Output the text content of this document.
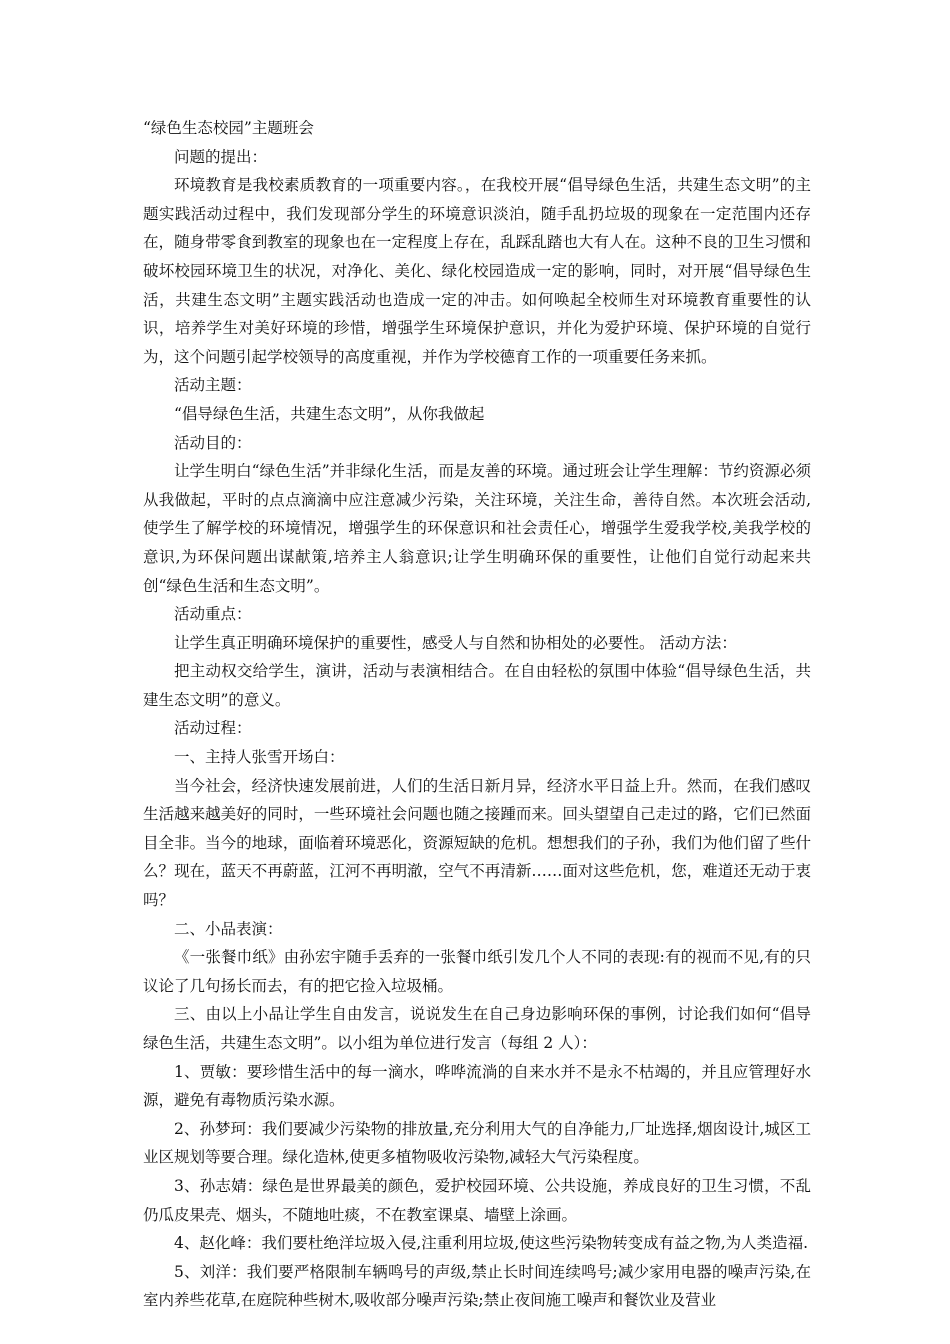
“绿色生态校园”主题班会

问题的提出：

环境教育是我校素质教育的一项重要内容。，在我校开展“倡导绿色生活，共建生态文明”的主题实践活动过程中，我们发现部分学生的环境意识淡泊，随手乱扔垃圾的现象在一定范围内还存在，随身带零食到教室的现象也在一定程度上存在，乱踩乱踏也大有人在。这种不良的卫生习惯和破坏校园环境卫生的状况，对净化、美化、绿化校园造成一定的影响，同时，对开展“倡导绿色生活，共建生态文明”主题实践活动也造成一定的冲击。如何唤起全校师生对环境教育重要性的认识，培养学生对美好环境的珍惜，增强学生环境保护意识，并化为爱护环境、保护环境的自觉行为，这个问题引起学校领导的高度重视，并作为学校德育工作的一项重要任务来抓。

活动主题：

“倡导绿色生活，共建生态文明”，从你我做起

活动目的：

让学生明白“绿色生活”并非绿化生活，而是友善的环境。通过班会让学生理解：节约资源必须从我做起，平时的点点滴滴中应注意减少污染，关注环境，关注生命，善待自然。本次班会活动,使学生了解学校的环境情况，增强学生的环保意识和社会责任心，增强学生爱我学校,美我学校的意识,为环保问题出谋献策,培养主人翁意识;让学生明确环保的重要性，让他们自觉行动起来共创“绿色生活和生态文明”。

活动重点：

让学生真正明确环境保护的重要性，感受人与自然和协相处的必要性。 活动方法：

把主动权交给学生，演讲，活动与表演相结合。在自由轻松的氛围中体验“倡导绿色生活，共建生态文明”的意义。

活动过程：

一、主持人张雪开场白：

当今社会，经济快速发展前进，人们的生活日新月异，经济水平日益上升。然而，在我们感叹生活越来越美好的同时，一些环境社会问题也随之接踵而来。回头望望自己走过的路，它们已然面目全非。当今的地球，面临着环境恶化，资源短缺的危机。想想我们的子孙，我们为他们留了些什么？现在，蓝天不再蔚蓝，江河不再明澈，空气不再清新……面对这些危机，您，难道还无动于衷吗？

二、小品表演：

《一张餐巾纸》由孙宏宇随手丢弃的一张餐巾纸引发几个人不同的表现:有的视而不见,有的只议论了几句扬长而去，有的把它捡入垃圾桶。

三、由以上小品让学生自由发言，说说发生在自己身边影响环保的事例，讨论我们如何“倡导绿色生活，共建生态文明”。以小组为单位进行发言（每组 2 人）：

1、贾敏：要珍惜生活中的每一滴水，哗哗流淌的自来水并不是永不枯竭的，并且应管理好水源，避免有毒物质污染水源。

2、孙梦珂：我们要减少污染物的排放量,充分利用大气的自净能力,厂址选择,烟囱设计,城区工业区规划等要合理。绿化造林,使更多植物吸收污染物,减轻大气污染程度。

3、孙志婧：绿色是世界最美的颜色，爱护校园环境、公共设施，养成良好的卫生习惯，不乱仍瓜皮果壳、烟头，不随地吐痰，不在教室课桌、墙壁上涂画。

4、赵化峰：我们要杜绝洋垃圾入侵,注重利用垃圾,使这些污染物转变成有益之物,为人类造福.

5、刘洋：我们要严格限制车辆鸣号的声级,禁止长时间连续鸣号;减少家用电器的噪声污染,在室内养些花草,在庭院种些树木,吸收部分噪声污染;禁止夜间施工噪声和餐饮业及营业
